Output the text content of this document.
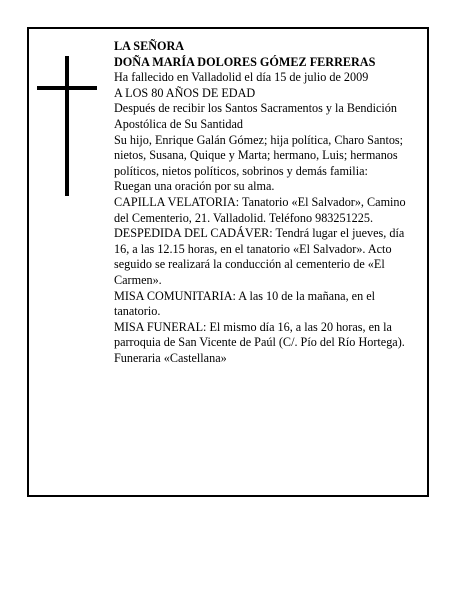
LA SEÑORA

DOÑA MARÍA DOLORES GÓMEZ FERRERAS

Ha fallecido en Valladolid el día 15 de julio de 2009

A LOS 80 AÑOS DE EDAD

Después de recibir los Santos Sacramentos y la Bendición Apostólica de Su Santidad

Su hijo, Enrique Galán Gómez; hija política, Charo Santos; nietos, Susana, Quique y Marta; hermano, Luis; hermanos políticos, nietos políticos, sobrinos y demás familia:

Ruegan una oración por su alma.

CAPILLA VELATORIA: Tanatorio «El Salvador», Camino del Cementerio, 21. Valladolid. Teléfono 983251225.

DESPEDIDA DEL CADÁVER: Tendrá lugar el jueves, día 16, a las 12.15 horas, en el tanatorio «El Salvador». Acto seguido se realizará la conducción al cementerio de «El Carmen».

MISA COMUNITARIA: A las 10 de la mañana, en el tanatorio.

MISA FUNERAL: El mismo día 16, a las 20 horas, en la parroquia de San Vicente de Paúl (C/. Pío del Río Hortega).

Funeraria «Castellana»
